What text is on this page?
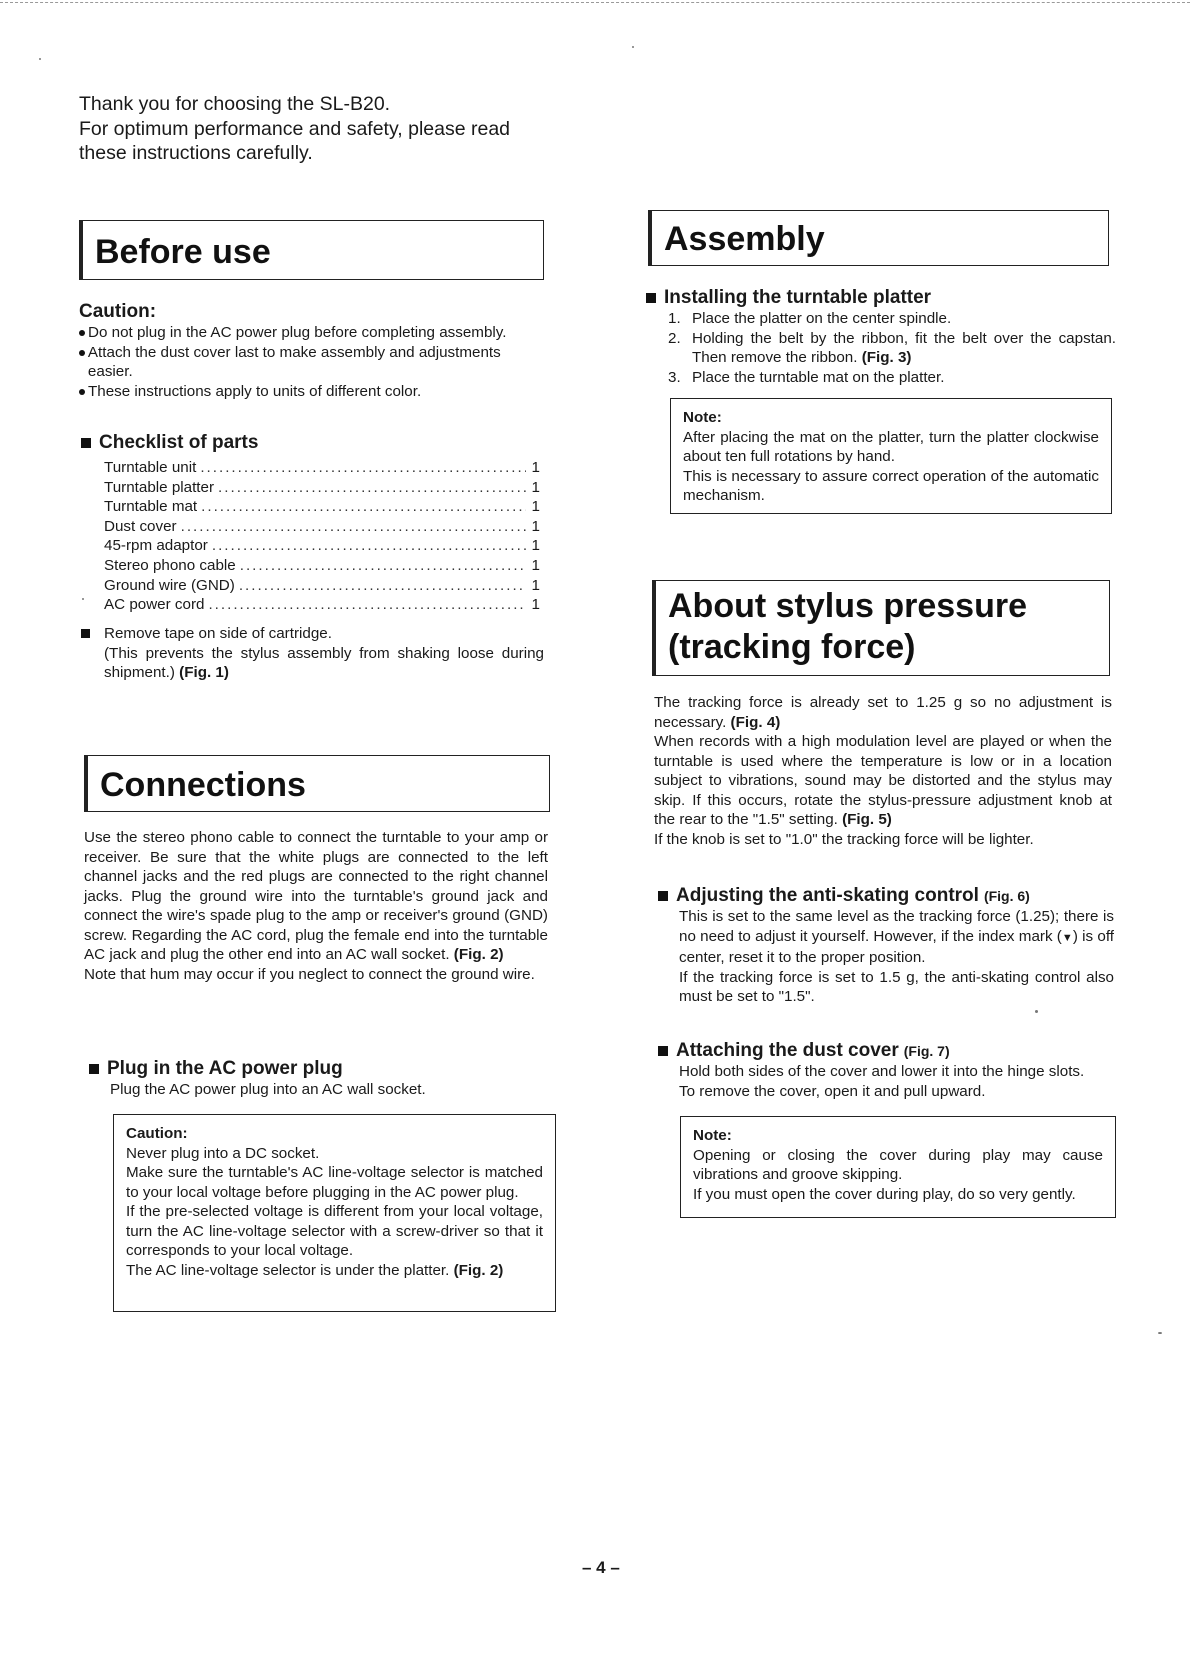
Thank you for choosing the SL-B20.

For optimum performance and safety, please read

these instructions carefully.

Before use

Caution:

Do not plug in the AC power plug before completing assembly.

Attach the dust cover last to make assembly and adjustments easier.

These instructions apply to units of different color.

Checklist of parts

Turntable unit .....	1
Turntable platter .....	1
Turntable mat .....	1
Dust cover .....	1
45-rpm adaptor .....	1
Stereo phono cable .....	1
Ground wire (GND) .....	1
AC power cord .....	1

Remove tape on side of cartridge.

(This prevents the stylus assembly from shaking loose during shipment.) (Fig. 1)

Connections

Use the stereo phono cable to connect the turntable to your amp or receiver. Be sure that the white plugs are connected to the left channel jacks and the red plugs are connected to the right channel jacks. Plug the ground wire into the turntable's ground jack and connect the wire's spade plug to the amp or receiver's ground (GND) screw. Regarding the AC cord, plug the female end into the turntable AC jack and plug the other end into an AC wall socket. (Fig. 2)

Note that hum may occur if you neglect to connect the ground wire.

Plug in the AC power plug

Plug the AC power plug into an AC wall socket.

Caution:

Never plug into a DC socket.

Make sure the turntable's AC line-voltage selector is matched to your local voltage before plugging in the AC power plug.

If the pre-selected voltage is different from your local voltage, turn the AC line-voltage selector with a screw-driver so that it corresponds to your local voltage.

The AC line-voltage selector is under the platter. (Fig. 2)

Assembly

Installing the turntable platter

1. Place the platter on the center spindle.
2. Holding the belt by the ribbon, fit the belt over the capstan. Then remove the ribbon. (Fig. 3)
3. Place the turntable mat on the platter.

Note:

After placing the mat on the platter, turn the platter clockwise about ten full rotations by hand.

This is necessary to assure correct operation of the automatic mechanism.

About stylus pressure
(tracking force)

The tracking force is already set to 1.25 g so no adjustment is necessary. (Fig. 4)

When records with a high modulation level are played or when the turntable is used where the temperature is low or in a location subject to vibrations, sound may be distorted and the stylus may skip. If this occurs, rotate the stylus-pressure adjustment knob at the rear to the "1.5" setting. (Fig. 5)

If the knob is set to "1.0" the tracking force will be lighter.

Adjusting the anti-skating control (Fig. 6)

This is set to the same level as the tracking force (1.25); there is no need to adjust it yourself. However, if the index mark (▼) is off center, reset it to the proper position.

If the tracking force is set to 1.5 g, the anti-skating control also must be set to "1.5".

Attaching the dust cover (Fig. 7)

Hold both sides of the cover and lower it into the hinge slots.

To remove the cover, open it and pull upward.

Note:

Opening or closing the cover during play may cause vibrations and groove skipping.

If you must open the cover during play, do so very gently.

– 4 –
